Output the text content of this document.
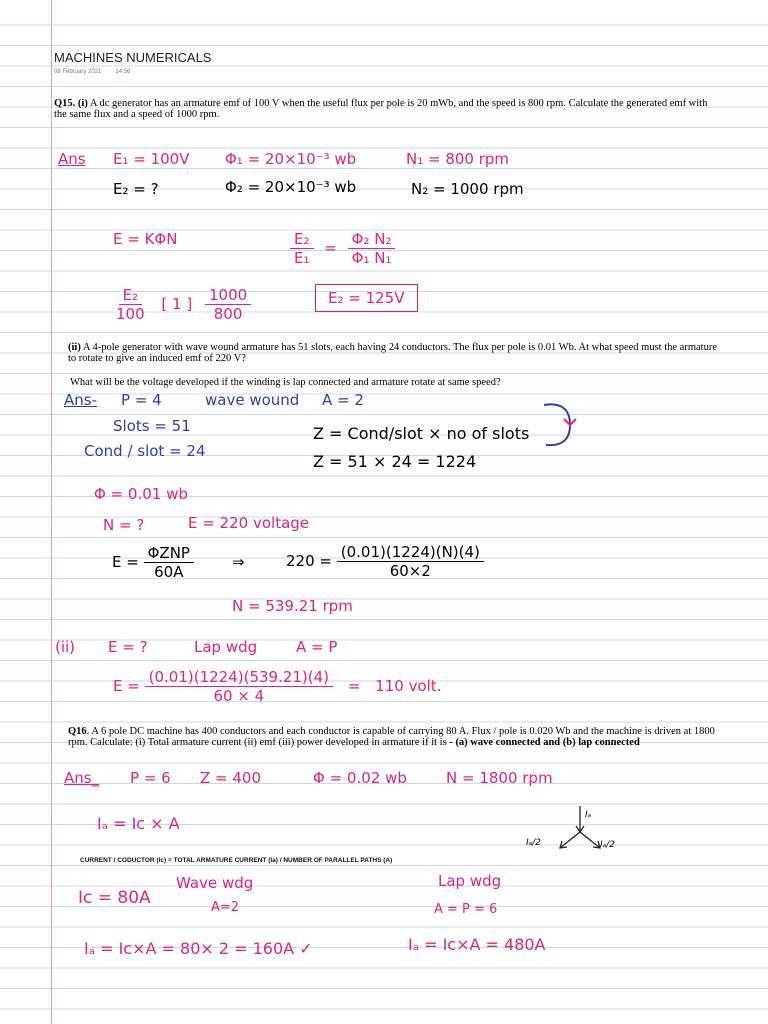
MACHINES NUMERICALS
08 February 2021 14:56
Q15. (i) A dc generator has an armature emf of 100 V when the useful flux per pole is 20 mWb, and the speed is 800 rpm. Calculate the generated emf with the same flux and a speed of 1000 rpm.
Ans E₁ = 100V Φ₁ = 20×10⁻³ wb	N₁ = 800 rpm
E₂ = ?	Φ₂ = 20×10⁻³ wb	N₂ = 1000 rpm
E = KΦN	$\frac{\text{E₂}}{\text{E₁}} = \frac{\text{Φ₂ N₂}}{\text{Φ₁ N₁}}$
$\frac{\text{E₂}}{100}$ [ 1 ] $\frac{1000}{800}$	E₂ = 125V
(ii) A 4-pole generator with wave wound armature has 51 slots, each having 24 conductors. The flux per pole is 0.01 Wb. At what speed must the armature to rotate to give an induced emf of 220 V?
What will be the voltage developed if the winding is lap connected and armature rotate at same speed?
Ans- P = 4	wave wound A = 2
Slots = 51
Cond / slot = 24
Z = Cond/slot × no of slots
Z = 51 × 24 = 1224
Φ = 0.01 wb
N = ?	E = 220 voltage
$E = \frac{\text{ΦZNP}}{60A}$	⇒	$220 = \frac{(0.01)(1224)(N)(4)}{60\times 2}$
N = 539.21 rpm
(ii) E = ?	Lap wdg	A = P
$E = \frac{(0.01)(1224)(539.21)(4)}{60 \times 4} = 110$ volt.
Q16. A 6 pole DC machine has 400 conductors and each conductor is capable of carrying 80 A. Flux / pole is 0.020 Wb and the machine is driven at 1800 rpm. Calculate: (i) Total armature current (ii) emf (iii) power developed in armature if it is - (a) wave connected and (b) lap connected
Ans_ P = 6 Z = 400	Φ = 0.02 wb	N = 1800 rpm
Iₐ = Iᴄ × A	Iₐ
Iₐ/2	Iₐ/2
CURRENT / CODUCTOR (Ic) = TOTAL ARMATURE CURRENT (Ia) / NUMBER OF PARALLEL PATHS (A)
Wave wdg	Lap wdg
Iᴄ = 80A	A=2	A = P = 6
Iₐ = Iᴄ×A = 80× 2 = 160A ✓	Iₐ = Iᴄ×A = 480A
